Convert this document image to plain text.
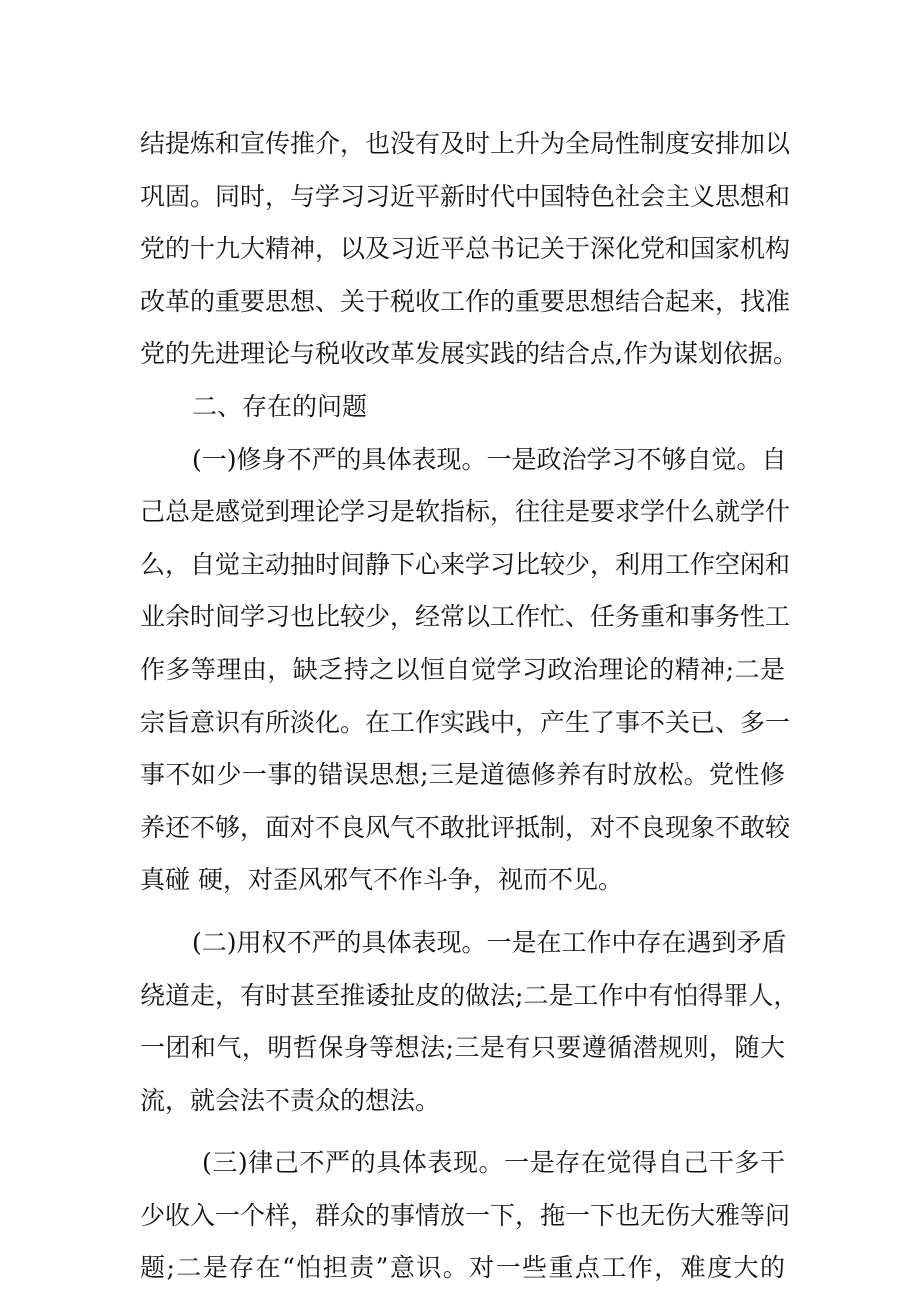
结提炼和宣传推介，也没有及时上升为全局性制度安排加以
巩固。同时，与学习习近平新时代中国特色社会主义思想和
党的十九大精神，以及习近平总书记关于深化党和国家机构
改革的重要思想、关于税收工作的重要思想结合起来，找准
党的先进理论与税收改革发展实践的结合点,作为谋划依据。
二、存在的问题
(一)修身不严的具体表现。一是政治学习不够自觉。自
己总是感觉到理论学习是软指标，往往是要求学什么就学什
么，自觉主动抽时间静下心来学习比较少，利用工作空闲和
业余时间学习也比较少，经常以工作忙、任务重和事务性工
作多等理由，缺乏持之以恒自觉学习政治理论的精神;二是
宗旨意识有所淡化。在工作实践中，产生了事不关已、多一
事不如少一事的错误思想;三是道德修养有时放松。党性修
养还不够，面对不良风气不敢批评抵制，对不良现象不敢较
真碰 硬，对歪风邪气不作斗争，视而不见。
(二)用权不严的具体表现。一是在工作中存在遇到矛盾
绕道走，有时甚至推诿扯皮的做法;二是工作中有怕得罪人，
一团和气，明哲保身等想法;三是有只要遵循潜规则，随大
流，就会法不责众的想法。
(三)律己不严的具体表现。一是存在觉得自己干多干
少收入一个样，群众的事情放一下，拖一下也无伤大雅等问
题;二是存在“怕担责”意识。对一些重点工作，难度大的
